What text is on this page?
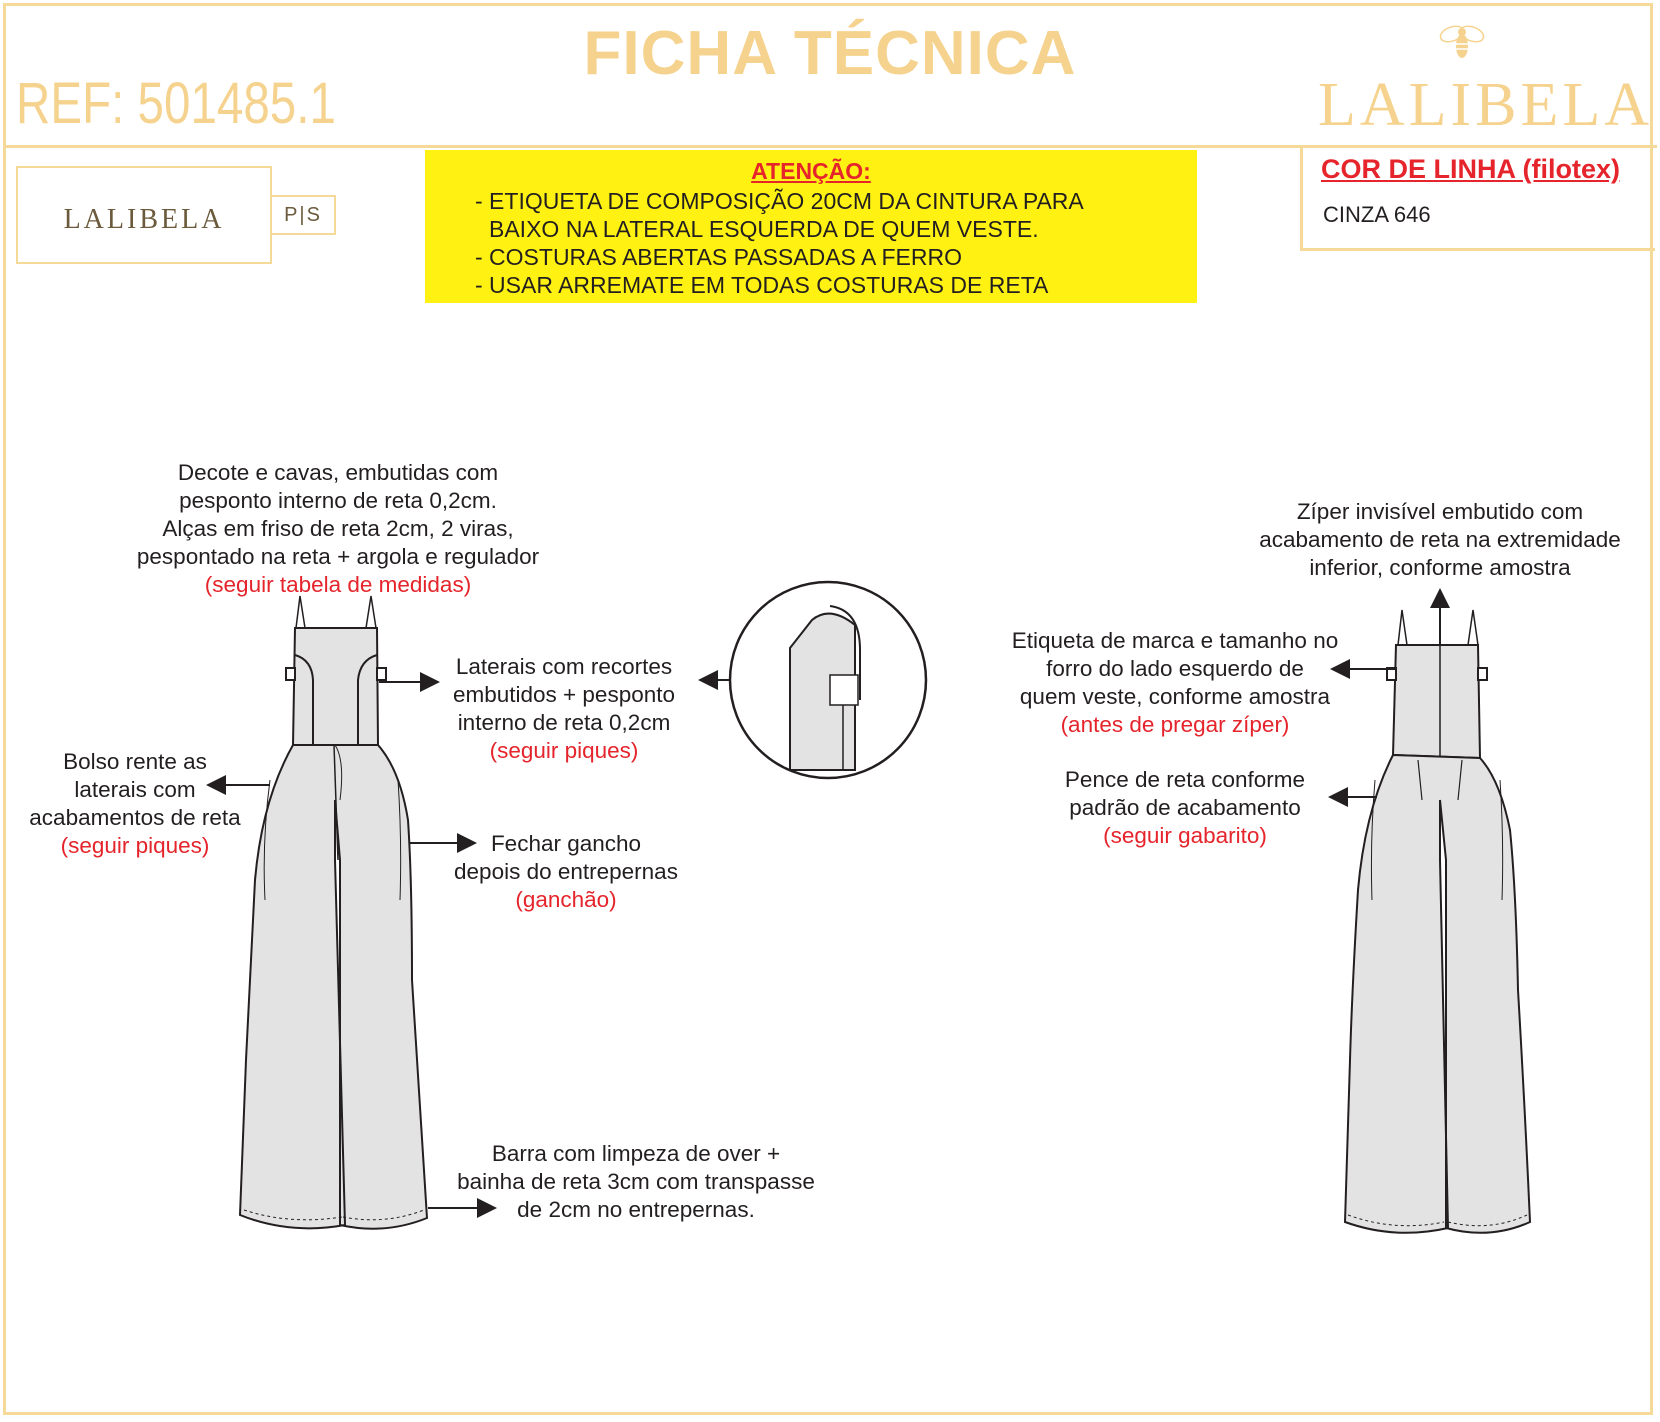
FICHA TÉCNICA
REF: 501485.1	LALIBELA
LALIBELA	P|S
ATENÇÃO:
- ETIQUETA DE COMPOSIÇÃO 20CM DA CINTURA PARA
BAIXO NA LATERAL ESQUERDA DE QUEM VESTE.
- COSTURAS ABERTAS PASSADAS A FERRO
- USAR ARREMATE EM TODAS COSTURAS DE RETA
COR DE LINHA (filotex)
CINZA 646
Decote e cavas, embutidas com
pesponto interno de reta 0,2cm.
Alças em friso de reta 2cm, 2 viras,
pespontado na reta + argola e regulador
(seguir tabela de medidas)
Laterais com recortes
embutidos + pesponto
interno de reta 0,2cm
(seguir piques)
Bolso rente as
laterais com
acabamentos de reta
(seguir piques)	Fechar gancho
depois do entrepernas
(ganchão)
Barra com limpeza de over +
bainha de reta 3cm com transpasse
de 2cm no entrepernas.
Zíper invisível embutido com
acabamento de reta na extremidade
inferior, conforme amostra
Etiqueta de marca e tamanho no
forro do lado esquerdo de
quem veste, conforme amostra
(antes de pregar zíper)
Pence de reta conforme
padrão de acabamento
(seguir gabarito)
